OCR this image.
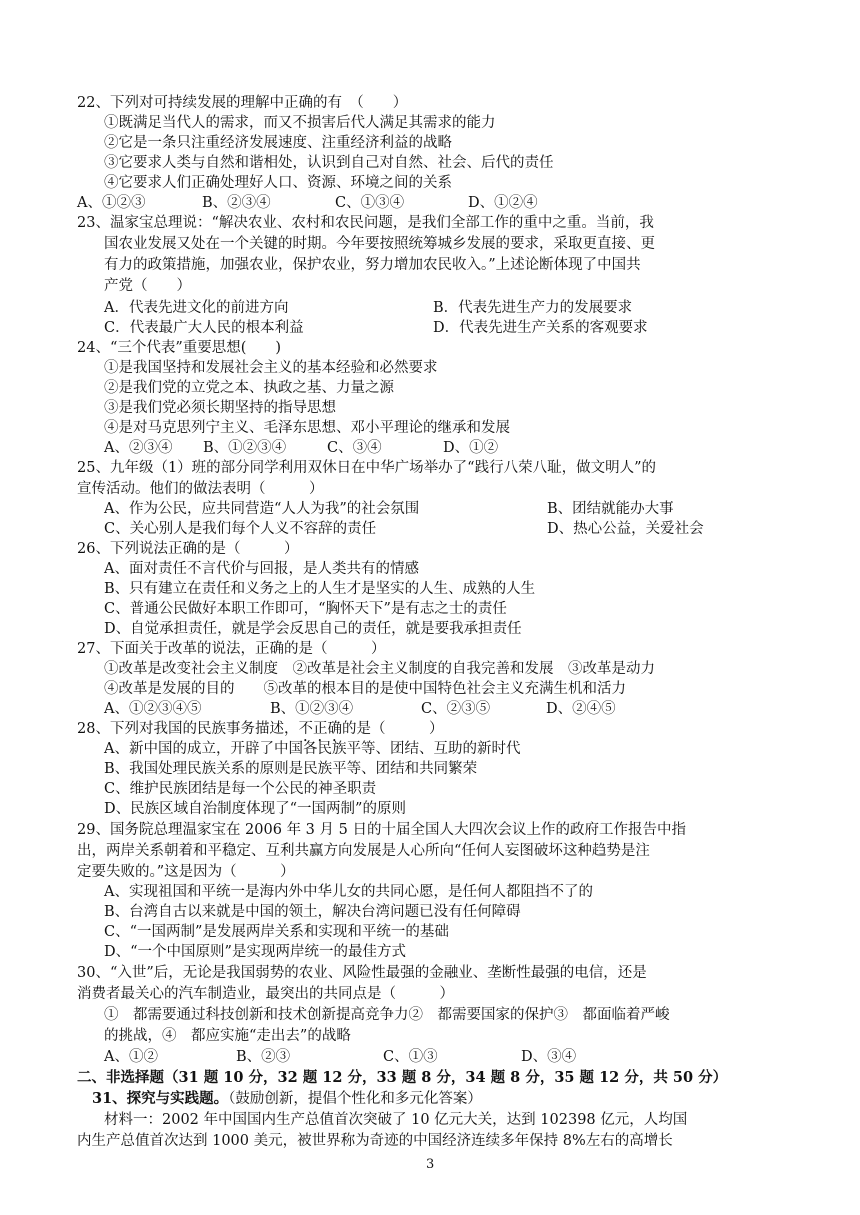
22、下列对可持续发展的理解中正确的有　（　　）
①既满足当代人的需求，而又不损害后代人满足其需求的能力
②它是一条只注重经济发展速度、注重经济利益的战略
③它要求人类与自然和谐相处，认识到自己对自然、社会、后代的责任
④它要求人们正确处理好人口、资源、环境之间的关系
A、①②③	B、②③④	C、①③④	D、①②④
23、温家宝总理说：“解决农业、农村和农民问题，是我们全部工作的重中之重。当前，我
国农业发展又处在一个关键的时期。今年要按照统筹城乡发展的要求，采取更直接、更
有力的政策措施，加强农业，保护农业，努力增加农民收入。”上述论断体现了中国共
产党（　　）
A．代表先进文化的前进方向	B．代表先进生产力的发展要求
C．代表最广大人民的根本利益	D．代表先进生产关系的客观要求
24、“三个代表”重要思想(　　)
①是我国坚持和发展社会主义的基本经验和必然要求
②是我们党的立党之本、执政之基、力量之源
③是我们党必须长期坚持的指导思想
④是对马克思列宁主义、毛泽东思想、邓小平理论的继承和发展
A、②③④ B、①②③④	C、③④	D、①②
25、九年级（1）班的部分同学利用双休日在中华广场举办了“践行八荣八耻，做文明人”的
宣传活动。他们的做法表明（　　　）
A、作为公民，应共同营造“人人为我”的社会氛围	B、团结就能办大事
C、关心别人是我们每个人义不容辞的责任	D、热心公益，关爱社会
26、下列说法正确的是（　　　）
A、面对责任不言代价与回报，是人类共有的情感
B、只有建立在责任和义务之上的人生才是坚实的人生、成熟的人生
C、普通公民做好本职工作即可，“胸怀天下”是有志之士的责任
D、自觉承担责任，就是学会反思自己的责任，就是要我承担责任
27、下面关于改革的说法，正确的是（　　　）
①改革是改变社会主义制度　②改革是社会主义制度的自我完善和发展　③改革是动力
④改革是发展的目的　　⑤改革的根本目的是使中国特色社会主义充满生机和活力
A、①②③④⑤	B、①②③④	C、②③⑤	D、②④⑤
28、下列对我国的民族事务描述，不正确的是（　　　）
A、新中国的成立，开辟了中国各民族平等、团结、互助的新时代
B、我国处理民族关系的原则是民族平等、团结和共同繁荣
C、维护民族团结是每一个公民的神圣职责
D、民族区域自治制度体现了“一国两制”的原则
29、国务院总理温家宝在 2006 年 3 月 5 日的十届全国人大四次会议上作的政府工作报告中指
出，两岸关系朝着和平稳定、互利共赢方向发展是人心所向“任何人妄图破坏这种趋势是注
定要失败的。”这是因为（　　　）
A、实现祖国和平统一是海内外中华儿女的共同心愿，是任何人都阻挡不了的
B、台湾自古以来就是中国的领土，解决台湾问题已没有任何障碍
C、“一国两制”是发展两岸关系和实现和平统一的基础
D、“一个中国原则”是实现两岸统一的最佳方式
30、“入世”后，无论是我国弱势的农业、风险性最强的金融业、垄断性最强的电信，还是
消费者最关心的汽车制造业，最突出的共同点是（　　　）
①　都需要通过科技创新和技术创新提高竞争力②　都需要国家的保护③　都面临着严峻
的挑战，④　都应实施“走出去”的战略
A、①②	B、②③	C、①③	D、③④
二、非选择题（31 题 10 分，32 题 12 分，33 题 8 分，34 题 8 分，35 题 12 分，共 50 分）
31、探究与实践题。（鼓励创新，提倡个性化和多元化答案）
材料一：2002 年中国国内生产总值首次突破了 10 亿元大关，达到 102398 亿元，人均国
内生产总值首次达到 1000 美元，被世界称为奇迹的中国经济连续多年保持 8%左右的高增长
3
